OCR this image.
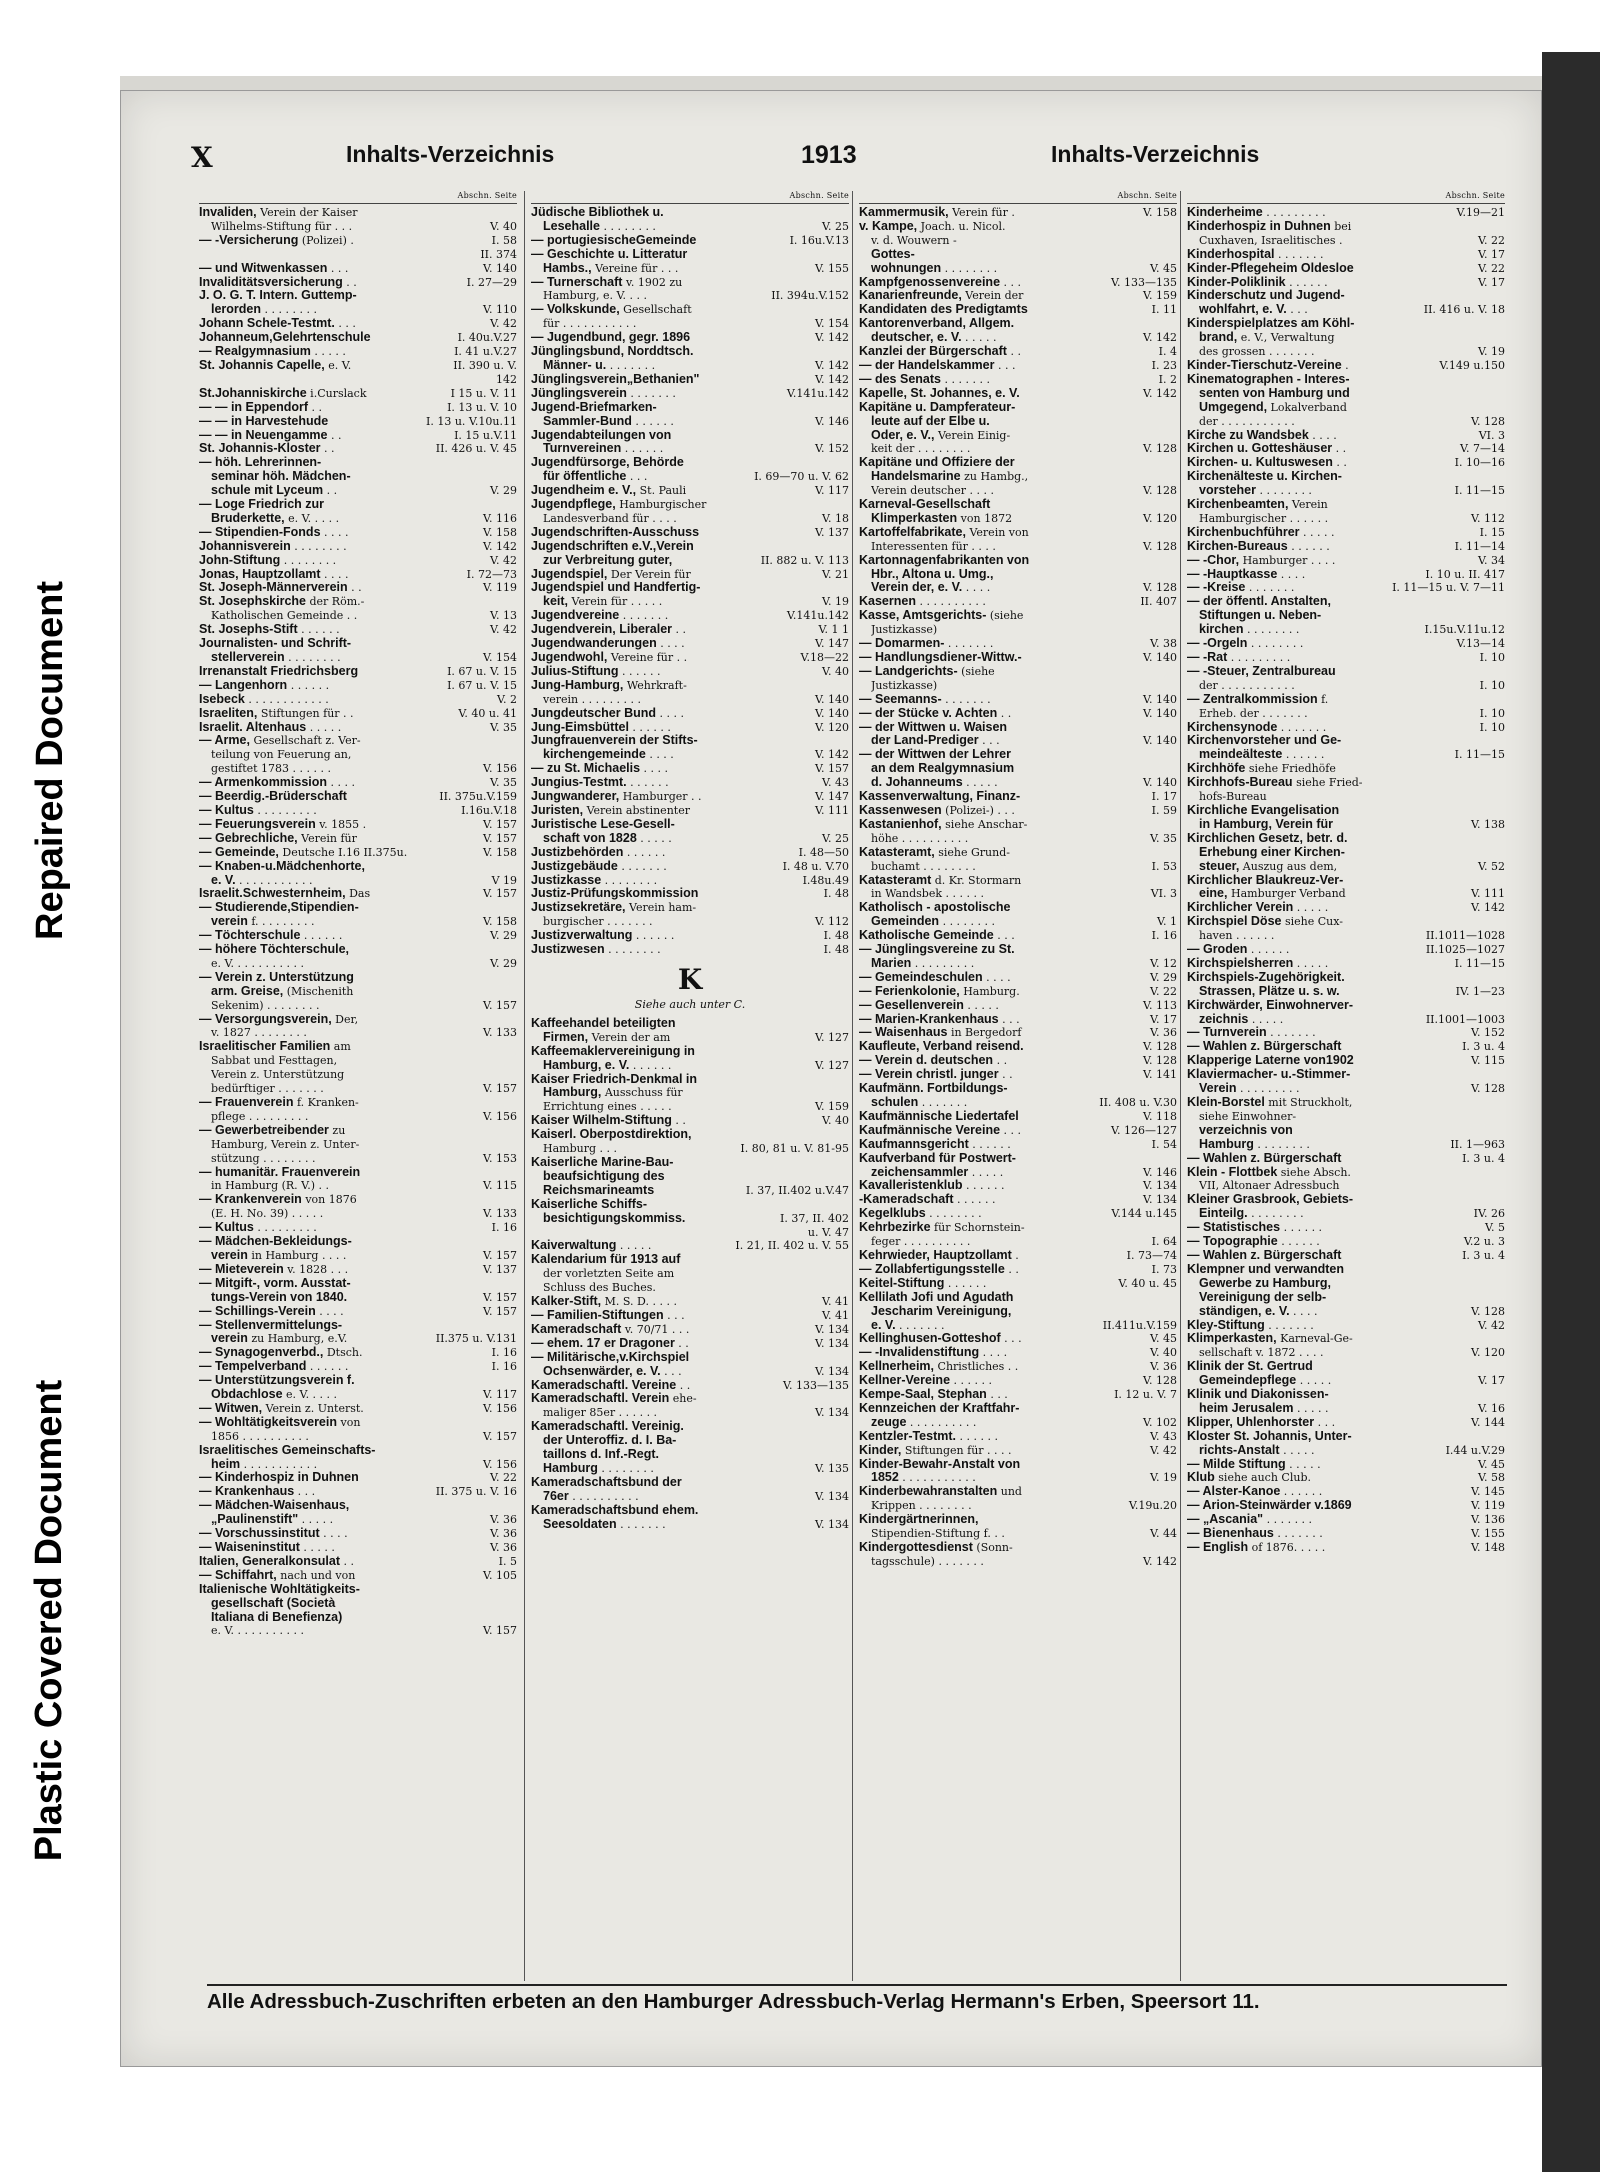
Repaired Document
Plastic Covered Document
X	Inhalts-Verzeichnis	1913	Inhalts-Verzeichnis
Abschn. Seite
Invaliden, Verein der Kaiser
Wilhelms-Stiftung für . . .	V. 40
— -Versicherung (Polizei) .	I. 58
II. 374
— und Witwenkassen . . .	V. 140
Invaliditätsversicherung . .	I. 27—29
J. O. G. T. Intern. Guttemp-
lerorden . . . . . . . .	V. 110
Johann Schele-Testmt. . . .	V. 42
Johanneum,Gelehrtenschule	I. 40u.V.27
— Realgymnasium . . . . .	I. 41 u.V.27
St. Johannis Capelle, e. V.	II. 390 u. V.
142
St.Johanniskirche i.Curslack	I 15 u. V. 11
— — in Eppendorf . .	I. 13 u. V. 10
— — in Harvestehude	I. 13 u. V.10u.11
— — in Neuengamme . .	I. 15 u.V.11
St. Johannis-Kloster . .	II. 426 u. V. 45
— höh. Lehrerinnen-
seminar höh. Mädchen-
schule mit Lyceum . .	V. 29
— Loge Friedrich zur
Bruderkette, e. V. . . . .	V. 116
— Stipendien-Fonds . . . .	V. 158
Johannisverein . . . . . . . .	V. 142
John-Stiftung . . . . . . . .	V. 42
Jonas, Hauptzollamt . . . .	I. 72—73
St. Joseph-Männerverein . .	V. 119
St. Josephskirche der Röm.-
Katholischen Gemeinde . .	V. 13
St. Josephs-Stift . . . . . .	V. 42
Journalisten- und Schrift-
stellerverein . . . . . . . .	V. 154
Irrenanstalt Friedrichsberg	I. 67 u. V. 15
— Langenhorn . . . . . .	I. 67 u. V. 15
Isebeck . . . . . . . . . . . .	V. 2
Israeliten, Stiftungen für . .	V. 40 u. 41
Israelit. Altenhaus . . . . .	V. 35
— Arme, Gesellschaft z. Ver-
teilung von Feuerung an,
gestiftet 1783 . . . . . .	V. 156
— Armenkommission . . . .	V. 35
— Beerdig.-Brüderschaft	II. 375u.V.159
— Kultus . . . . . . . . .	I.16u.V.18
— Feuerungsverein v. 1855 .	V. 157
— Gebrechliche, Verein für	V. 157
— Gemeinde, Deutsche I.16 II.375u.	V. 158
— Knaben-u.Mädchenhorte,
e. V. . . . . . . . . . . .	V 19
Israelit.Schwesternheim, Das	V. 157
— Studierende,Stipendien-
verein f. . . . . . . . .	V. 158
— Töchterschule . . . . . .	V. 29
— höhere Töchterschule,
e. V. . . . . . . . . . .	V. 29
— Verein z. Unterstützung
arm. Greise, (Mischenith
Sekenim) . . . . . . . .	V. 157
— Versorgungsverein, Der,
v. 1827 . . . . . . . .	V. 133
Israelitischer Familien am
Sabbat und Festtagen,
Verein z. Unterstützung
bedürftiger . . . . . . .	V. 157
— Frauenverein f. Kranken-
pflege . . . . . . . . .	V. 156
— Gewerbetreibender zu
Hamburg, Verein z. Unter-
stützung . . . . . . . .	V. 153
— humanitär. Frauenverein
in Hamburg (R. V.) . .	V. 115
— Krankenverein von 1876
(E. H. No. 39) . . . . .	V. 133
— Kultus . . . . . . . . .	I. 16
— Mädchen-Bekleidungs-
verein in Hamburg . . . .	V. 157
— Mieteverein v. 1828 . . .	V. 137
— Mitgift-, vorm. Ausstat-
tungs-Verein von 1840.	V. 157
— Schillings-Verein . . . .	V. 157
— Stellenvermittelungs-
verein zu Hamburg, e.V.	II.375 u. V.131
— Synagogenverbd., Dtsch.	I. 16
— Tempelverband . . . . . .	I. 16
— Unterstützungsverein f.
Obdachlose e. V. . . . .	V. 117
— Witwen, Verein z. Unterst.	V. 156
— Wohltätigkeitsverein von
1856 . . . . . . . . . .	V. 157
Israelitisches Gemeinschafts-
heim . . . . . . . . . . .	V. 156
— Kinderhospiz in Duhnen	V. 22
— Krankenhaus . . .	II. 375 u. V. 16
— Mädchen-Waisenhaus,
„Paulinenstift" . . . . .	V. 36
— Vorschussinstitut . . . .	V. 36
— Waiseninstitut . . . . .	V. 36
Italien, Generalkonsulat . .	I. 5
— Schiffahrt, nach und von	V. 105
Italienische Wohltätigkeits-
gesellschaft (Società
Italiana di Benefienza)
e. V. . . . . . . . . . .	V. 157
Abschn. Seite
Jüdische Bibliothek u.
Lesehalle . . . . . . . .	V. 25
— portugiesischeGemeinde	I. 16u.V.13
— Geschichte u. Litteratur
Hambs., Vereine für . . .	V. 155
— Turnerschaft v. 1902 zu
Hamburg, e. V. . . .	II. 394u.V.152
— Volkskunde, Gesellschaft
für . . . . . . . . . . .	V. 154
— Jugendbund, gegr. 1896	V. 142
Jünglingsbund, Norddtsch.
Männer- u. . . . . . . .	V. 142
Jünglingsverein„Bethanien"	V. 142
Jünglingsverein . . . . . . .	V.141u.142
Jugend-Briefmarken-
Sammler-Bund . . . . . .	V. 146
Jugendabteilungen von
Turnvereinen . . . . . .	V. 152
Jugendfürsorge, Behörde
für öffentliche . . .	I. 69—70 u. V. 62
Jugendheim e. V., St. Pauli	V. 117
Jugendpflege, Hamburgischer
Landesverband für . . . .	V. 18
Jugendschriften-Ausschuss	V. 137
Jugendschriften e.V.,Verein
zur Verbreitung guter,	II. 882 u. V. 113
Jugendspiel, Der Verein für	V. 21
Jugendspiel und Handfertig-
keit, Verein für . . . . .	V. 19
Jugendvereine . . . . . . .	V.141u.142
Jugendverein, Liberaler . .	V. 1 1
Jugendwanderungen . . . .	V. 147
Jugendwohl, Vereine für . .	V.18—22
Julius-Stiftung . . . . . .	V. 40
Jung-Hamburg, Wehrkraft-
verein . . . . . . . . .	V. 140
Jungdeutscher Bund . . . .	V. 140
Jung-Eimsbüttel . . . . . .	V. 120
Jungfrauenverein der Stifts-
kirchengemeinde . . . .	V. 142
— zu St. Michaelis . . . .	V. 157
Jungius-Testmt. . . . . . .	V. 43
Jungwanderer, Hamburger . .	V. 147
Juristen, Verein abstinenter	V. 111
Juristische Lese-Gesell-
schaft von 1828 . . . . .	V. 25
Justizbehörden . . . . . .	I. 48—50
Justizgebäude . . . . . . .	I. 48 u. V.70
Justizkasse . . . . . . . .	I.48u.49
Justiz-Prüfungskommission	I. 48
Justizsekretäre, Verein ham-
burgischer . . . . . . .	V. 112
Justizverwaltung . . . . . .	I. 48
Justizwesen . . . . . . . .	I. 48
K
Siehe auch unter C.
Kaffeehandel beteiligten
Firmen, Verein der am	V. 127
Kaffeemaklervereinigung in
Hamburg, e. V. . . . . . .	V. 127
Kaiser Friedrich-Denkmal in
Hamburg, Ausschuss für
Errichtung eines . . . . .	V. 159
Kaiser Wilhelm-Stiftung . .	V. 40
Kaiserl. Oberpostdirektion,
Hamburg . . .	I. 80, 81 u. V. 81-95
Kaiserliche Marine-Bau-
beaufsichtigung des
Reichsmarineamts	I. 37, II.402 u.V.47
Kaiserliche Schiffs-
besichtigungskommiss.	I. 37, II. 402
u. V. 47
Kaiverwaltung . . . . .	I. 21, II. 402 u. V. 55
Kalendarium für 1913 auf
der vorletzten Seite am
Schluss des Buches.
Kalker-Stift, M. S. D. . . . .	V. 41
— Familien-Stiftungen . . .	V. 41
Kameradschaft v. 70/71 . . .	V. 134
— ehem. 17 er Dragoner . .	V. 134
— Militärische,v.Kirchspiel
Ochsenwärder, e. V. . . .	V. 134
Kameradschaftl. Vereine . .	V. 133—135
Kameradschaftl. Verein ehe-
maliger 85er . . . . . .	V. 134
Kameradschaftl. Vereinig.
der Unteroffiz. d. I. Ba-
taillons d. Inf.-Regt.
Hamburg . . . . . . . .	V. 135
Kameradschaftsbund der
76er . . . . . . . . . .	V. 134
Kameradschaftsbund ehem.
Seesoldaten . . . . . . .	V. 134
Abschn. Seite
Kammermusik, Verein für .	V. 158
v. Kampe, Joach. u. Nicol.
v. d. Wouwern -
Gottes-
wohnungen . . . . . . . .	V. 45
Kampfgenossenvereine . . .	V. 133—135
Kanarienfreunde, Verein der	V. 159
Kandidaten des Predigtamts	I. 11
Kantorenverband, Allgem.
deutscher, e. V. . . . . .	V. 142
Kanzlei der Bürgerschaft . .	I. 4
— der Handelskammer . . .	I. 23
— des Senats . . . . . . .	I. 2
Kapelle, St. Johannes, e. V.	V. 142
Kapitäne u. Dampferateur-
leute auf der Elbe u.
Oder, e. V., Verein Einig-
keit der . . . . . . . .	V. 128
Kapitäne und Offiziere der
Handelsmarine zu Hambg.,
Verein deutscher . . . .	V. 128
Karneval-Gesellschaft
Klimperkasten von 1872	V. 120
Kartoffelfabrikate, Verein von
Interessenten für . . . .	V. 128
Kartonnagenfabrikanten von
Hbr., Altona u. Umg.,
Verein der, e. V. . . . .	V. 128
Kasernen . . . . . . . . . .	II. 407
Kasse, Amtsgerichts- (siehe
Justizkasse)
— Domarmen- . . . . . . .	V. 38
— Handlungsdiener-Wittw.-	V. 140
— Landgerichts- (siehe
Justizkasse)
— Seemanns- . . . . . . .	V. 140
— der Stücke v. Achten . .	V. 140
— der Wittwen u. Waisen
der Land-Prediger . . .	V. 140
— der Wittwen der Lehrer
an dem Realgymnasium
d. Johanneums . . . . .	V. 140
Kassenverwaltung, Finanz-	I. 17
Kassenwesen (Polizei-) . . .	I. 59
Kastanienhof, siehe Anschar-
höhe . . . . . . . . . .	V. 35
Katasteramt, siehe Grund-
buchamt . . . . . . . .	I. 53
Katasteramt d. Kr. Stormarn
in Wandsbek . . . . . .	VI. 3
Katholisch - apostolische
Gemeinden . . . . . . . .	V. 1
Katholische Gemeinde . . .	I. 16
— Jünglingsvereine zu St.
Marien . . . . . . . . .	V. 12
— Gemeindeschulen . . . .	V. 29
— Ferienkolonie, Hamburg.	V. 22
— Gesellenverein . . . . .	V. 113
— Marien-Krankenhaus . . .	V. 17
— Waisenhaus in Bergedorf	V. 36
Kaufleute, Verband reisend.	V. 128
— Verein d. deutschen . .	V. 128
— Verein christl. junger . .	V. 141
Kaufmänn. Fortbildungs-
schulen . . . . . . .	II. 408 u. V.30
Kaufmännische Liedertafel	V. 118
Kaufmännische Vereine . . .	V. 126—127
Kaufmannsgericht . . . . . .	I. 54
Kaufverband für Postwert-
zeichensammler . . . . .	V. 146
Kavalleristenklub . . . . . .	V. 134
-Kameradschaft . . . . . .	V. 134
Kegelklubs . . . . . . . .	V.144 u.145
Kehrbezirke für Schornstein-
feger . . . . . . . . . .	I. 64
Kehrwieder, Hauptzollamt .	I. 73—74
— Zollabfertigungsstelle . .	I. 73
Keitel-Stiftung . . . . . .	V. 40 u. 45
Kellilath Jofi und Agudath
Jescharim Vereinigung,
e. V. . . . . . . .	II.411u.V.159
Kellinghusen-Gotteshof . . .	V. 45
— -Invalidenstiftung . . . .	V. 40
Kellnerheim, Christliches . .	V. 36
Kellner-Vereine . . . . . .	V. 128
Kempe-Saal, Stephan . . .	I. 12 u. V. 7
Kennzeichen der Kraftfahr-
zeuge . . . . . . . . . .	V. 102
Kentzler-Testmt. . . . . . .	V. 43
Kinder, Stiftungen für . . . .	V. 42
Kinder-Bewahr-Anstalt von
1852 . . . . . . . . . . .	V. 19
Kinderbewahranstalten und
Krippen . . . . . . . .	V.19u.20
Kindergärtnerinnen,
Stipendien-Stiftung f. . .	V. 44
Kindergottesdienst (Sonn-
tagsschule) . . . . . . .	V. 142
Abschn. Seite
Kinderheime . . . . . . . . .	V.19—21
Kinderhospiz in Duhnen bei
Cuxhaven, Israelitisches .	V. 22
Kinderhospital . . . . . . .	V. 17
Kinder-Pflegeheim Oldesloe	V. 22
Kinder-Poliklinik . . . . . .	V. 17
Kinderschutz und Jugend-
wohlfahrt, e. V. . . .	II. 416 u. V. 18
Kinderspielplatzes am Köhl-
brand, e. V., Verwaltung
des grossen . . . . . . .	V. 19
Kinder-Tierschutz-Vereine .	V.149 u.150
Kinematographen - Interes-
senten von Hamburg und
Umgegend, Lokalverband
der . . . . . . . . . . .	V. 128
Kirche zu Wandsbek . . . .	VI. 3
Kirchen u. Gotteshäuser . .	V. 7—14
Kirchen- u. Kultuswesen . .	I. 10—16
Kirchenälteste u. Kirchen-
vorsteher . . . . . . . .	I. 11—15
Kirchenbeamten, Verein
Hamburgischer . . . . . .	V. 112
Kirchenbuchführer . . . . .	I. 15
Kirchen-Bureaus . . . . . .	I. 11—14
— -Chor, Hamburger . . . .	V. 34
— -Hauptkasse . . . .	I. 10 u. II. 417
— -Kreise . . . . . . .	I. 11—15 u. V. 7—11
— der öffentl. Anstalten,
Stiftungen u. Neben-
kirchen . . . . . . . .	I.15u.V.11u.12
— -Orgeln . . . . . . . .	V.13—14
— -Rat . . . . . . . . .	I. 10
— -Steuer, Zentralbureau
der . . . . . . . . . . .	I. 10
— Zentralkommission f.
Erheb. der . . . . . . .	I. 10
Kirchensynode . . . . . . .	I. 10
Kirchenvorsteher und Ge-
meindeälteste . . . . . .	I. 11—15
Kirchhöfe siehe Friedhöfe
Kirchhofs-Bureau siehe Fried-
hofs-Bureau
Kirchliche Evangelisation
in Hamburg, Verein für	V. 138
Kirchlichen Gesetz, betr. d.
Erhebung einer Kirchen-
steuer, Auszug aus dem,	V. 52
Kirchlicher Blaukreuz-Ver-
eine, Hamburger Verband	V. 111
Kirchlicher Verein . . . . .	V. 142
Kirchspiel Döse siehe Cux-
haven . . . . . .	II.1011—1028
— Groden . . . . . .	II.1025—1027
Kirchspielsherren . . . . .	I. 11—15
Kirchspiels-Zugehörigkeit.
Strassen, Plätze u. s. w.	IV. 1—23
Kirchwärder, Einwohnerver-
zeichnis . . . . .	II.1001—1003
— Turnverein . . . . . . .	V. 152
— Wahlen z. Bürgerschaft	I. 3 u. 4
Klapperige Laterne von1902	V. 115
Klaviermacher- u.-Stimmer-
Verein . . . . . . . . .	V. 128
Klein-Borstel mit Struckholt,
siehe Einwohner-
verzeichnis von
Hamburg . . . . . . . .	II. 1—963
— Wahlen z. Bürgerschaft	I. 3 u. 4
Klein - Flottbek siehe Absch.
VII, Altonaer Adressbuch
Kleiner Grasbrook, Gebiets-
Einteilg. . . . . . . . .	IV. 26
— Statistisches . . . . . .	V. 5
— Topographie . . . . . .	V.2 u. 3
— Wahlen z. Bürgerschaft	I. 3 u. 4
Klempner und verwandten
Gewerbe zu Hamburg,
Vereinigung der selb-
ständigen, e. V. . . . .	V. 128
Kley-Stiftung . . . . . . .	V. 42
Klimperkasten, Karneval-Ge-
sellschaft v. 1872 . . . .	V. 120
Klinik der St. Gertrud
Gemeindepflege . . . . .	V. 17
Klinik und Diakonissen-
heim Jerusalem . . . . .	V. 16
Klipper, Uhlenhorster . . .	V. 144
Kloster St. Johannis, Unter-
richts-Anstalt . . . . .	I.44 u.V.29
— Milde Stiftung . . . . .	V. 45
Klub siehe auch Club.	V. 58
— Alster-Kanoe . . . . . .	V. 145
— Arion-Steinwärder v.1869	V. 119
— „Ascania" . . . . . . .	V. 136
— Bienenhaus . . . . . . .	V. 155
— English of 1876. . . . .	V. 148
Alle Adressbuch-Zuschriften erbeten an den Hamburger Adressbuch-Verlag Hermann's Erben, Speersort 11.
